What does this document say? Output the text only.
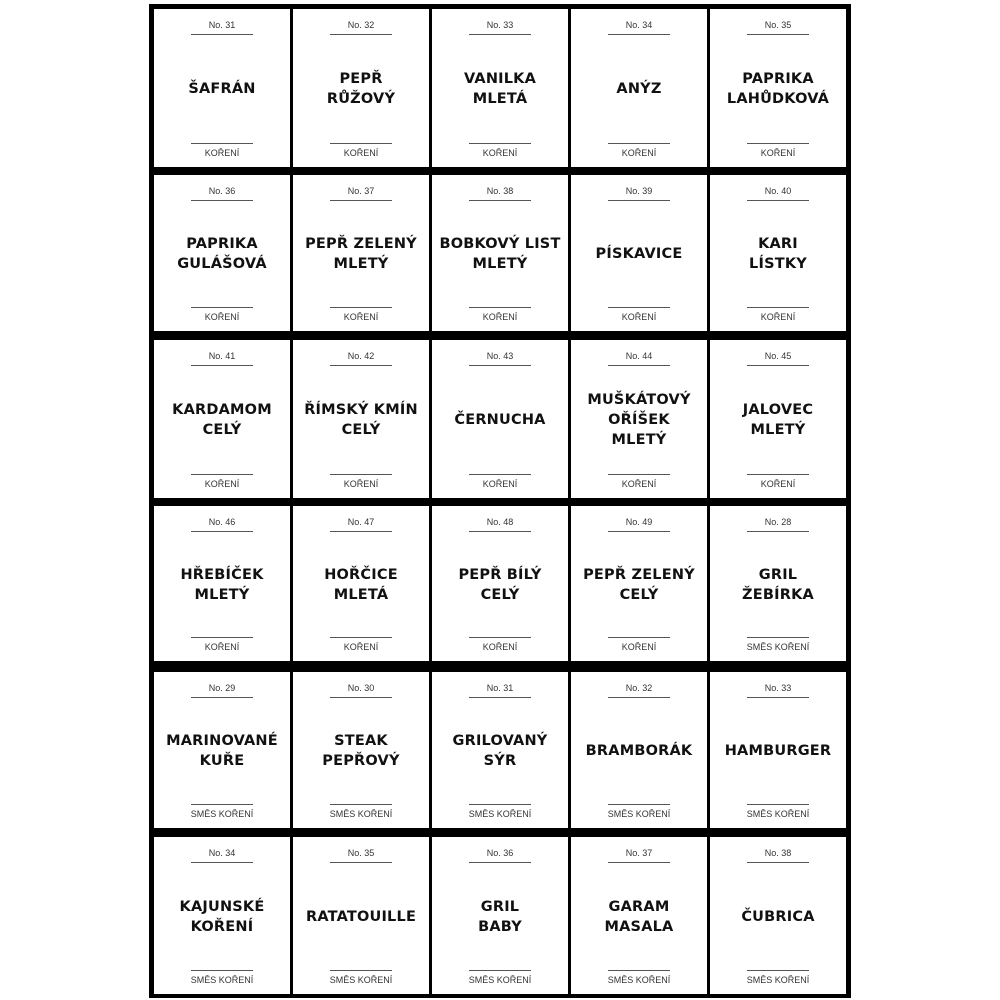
No. 31
ŠAFRÁN
KOŘENÍ
No. 32
PEPŘ
RŮŽOVÝ
KOŘENÍ
No. 33
VANILKA
MLETÁ
KOŘENÍ
No. 34
ANÝZ
KOŘENÍ
No. 35
PAPRIKA
LAHŮDKOVÁ
KOŘENÍ
No. 36
PAPRIKA
GULÁŠOVÁ
KOŘENÍ
No. 37
PEPŘ ZELENÝ
MLETÝ
KOŘENÍ
No. 38
BOBKOVÝ LIST
MLETÝ
KOŘENÍ
No. 39
PÍSKAVICE
KOŘENÍ
No. 40
KARI
LÍSTKY
KOŘENÍ
No. 41
KARDAMOM
CELÝ
KOŘENÍ
No. 42
ŘÍMSKÝ KMÍN
CELÝ
KOŘENÍ
No. 43
ČERNUCHA
KOŘENÍ
No. 44
MUŠKÁTOVÝ
OŘÍŠEK
MLETÝ
KOŘENÍ
No. 45
JALOVEC
MLETÝ
KOŘENÍ
No. 46
HŘEBÍČEK
MLETÝ
KOŘENÍ
No. 47
HOŘČICE
MLETÁ
KOŘENÍ
No. 48
PEPŘ BÍLÝ
CELÝ
KOŘENÍ
No. 49
PEPŘ ZELENÝ
CELÝ
KOŘENÍ
No. 28
GRIL
ŽEBÍRKA
SMĚS KOŘENÍ
No. 29
MARINOVANÉ
KUŘE
SMĚS KOŘENÍ
No. 30
STEAK
PEPŘOVÝ
SMĚS KOŘENÍ
No. 31
GRILOVANÝ
SÝR
SMĚS KOŘENÍ
No. 32
BRAMBORÁK
SMĚS KOŘENÍ
No. 33
HAMBURGER
SMĚS KOŘENÍ
No. 34
KAJUNSKÉ
KOŘENÍ
SMĚS KOŘENÍ
No. 35
RATATOUILLE
SMĚS KOŘENÍ
No. 36
GRIL
BABY
SMĚS KOŘENÍ
No. 37
GARAM
MASALA
SMĚS KOŘENÍ
No. 38
ČUBRICA
SMĚS KOŘENÍ
